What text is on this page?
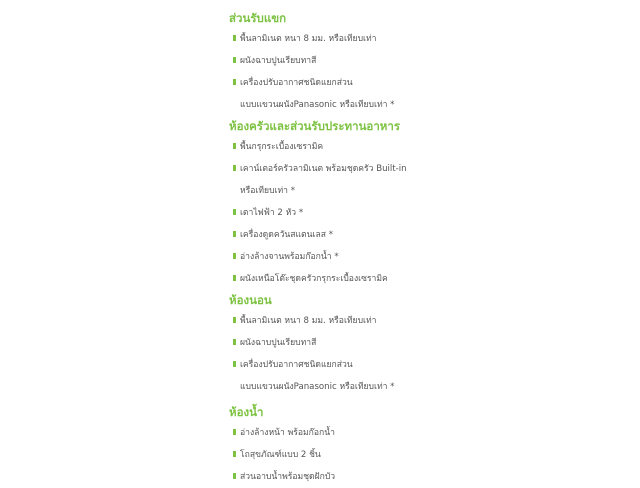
ส่วนรับแขก
พื้นลามิเนต หนา 8 มม. หรือเทียบเท่า
ผนังฉาบปูนเรียบทาสี
เครื่องปรับอากาศชนิดแยกส่วน
แบบแขวนผนังPanasonic หรือเทียบเท่า *
ห้องครัวและส่วนรับประทานอาหาร
พื้นกรุกระเบื้องเซรามิค
เคาน์เตอร์ครัวลามิเนต พร้อมชุดครัว Built-in
หรือเทียบเท่า *
เตาไฟฟ้า 2 หัว *
เครื่องดูดควันสแตนเลส *
อ่างล้างจานพร้อมก๊อกน้ำ *
ผนังเหนือโต๊ะชุดครัวกรุกระเบื้องเซรามิค
ห้องนอน
พื้นลามิเนต หนา 8 มม. หรือเทียบเท่า
ผนังฉาบปูนเรียบทาสี
เครื่องปรับอากาศชนิดแยกส่วน
แบบแขวนผนังPanasonic หรือเทียบเท่า *
ห้องน้ำ
อ่างล้างหน้า พร้อมก๊อกน้ำ
โถสุขภัณฑ์แบบ 2 ชิ้น
ส่วนอาบน้ำพร้อมชุดฝักบัว
